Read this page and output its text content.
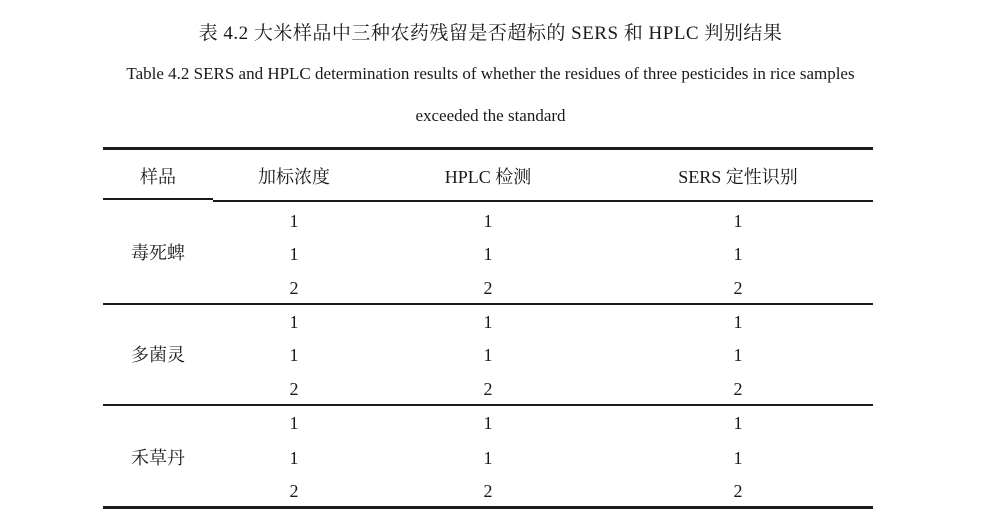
表 4.2 大米样品中三种农药残留是否超标的 SERS 和 HPLC 判别结果
Table 4.2 SERS and HPLC determination results of whether the residues of three pesticides in rice samples
exceeded the standard
样品	加标浓度	HPLC 检测	SERS 定性识别
毒死蜱
1	1	1
1	1	1
2	2	2
多菌灵
1	1	1
1	1	1
2	2	2
禾草丹
1	1	1
1	1	1
2	2	2
